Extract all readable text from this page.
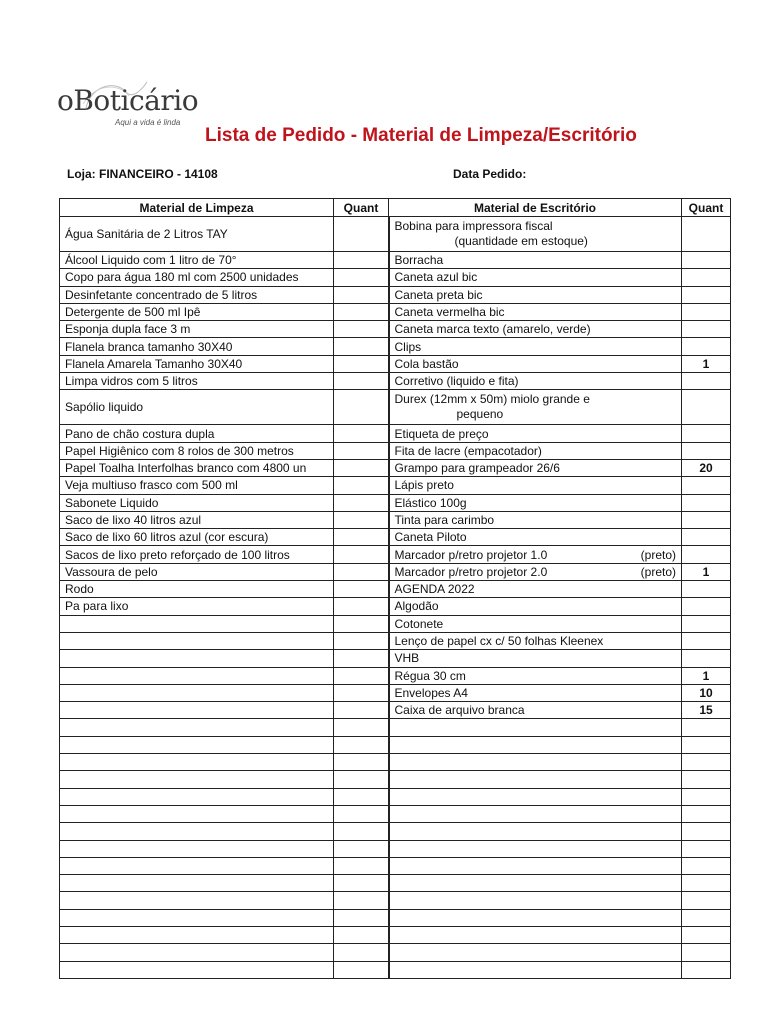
oBoticário
Aqui a vida é linda
Lista de Pedido - Material de Limpeza/Escritório
Loja: FINANCEIRO - 14108	Data Pedido:
Material de Limpeza	Quant	Material de Escritório	Quant
Água Sanitária de 2 Litros TAY		Bobina para impressora fiscal
(quantidade em estoque)	

Álcool Liquido com 1 litro de 70°		Borracha	
Copo para água 180 ml com 2500 unidades		Caneta azul bic	
Desinfetante concentrado de 5 litros		Caneta preta bic	
Detergente de 500 ml Ipê		Caneta vermelha bic	
Esponja dupla face 3 m		Caneta marca texto (amarelo, verde)	
Flanela branca tamanho 30X40		Clips	
Flanela Amarela Tamanho 30X40		Cola bastão	1
Limpa vidros com 5 litros		Corretivo (liquido e fita)	
Sapólio liquido		Durex (12mm x 50m) miolo grande e
pequeno	

Pano de chão costura dupla		Etiqueta de preço	
Papel Higiênico com 8 rolos de 300 metros		Fita de lacre (empacotador)	
Papel Toalha Interfolhas branco com 4800 un		Grampo para grampeador 26/6	20
Veja multiuso frasco com 500 ml		Lápis preto	
Sabonete Liquido		Elástico 100g	
Saco de lixo 40 litros azul		Tinta para carimbo	
Saco de lixo 60 litros azul (cor escura)		Caneta Piloto	
Sacos de lixo preto reforçado de 100 litros		Marcador p/retro projetor 1.0 (preto)	

Vassoura de pelo		Marcador p/retro projetor 2.0 (preto)	1
Rodo		AGENDA 2022	
Pa para lixo		Algodão	
		Cotonete	
		Lenço de papel cx c/ 50 folhas Kleenex	
		VHB	
		Régua 30 cm	1
		Envelopes A4	10
		Caixa de arquivo branca	15
